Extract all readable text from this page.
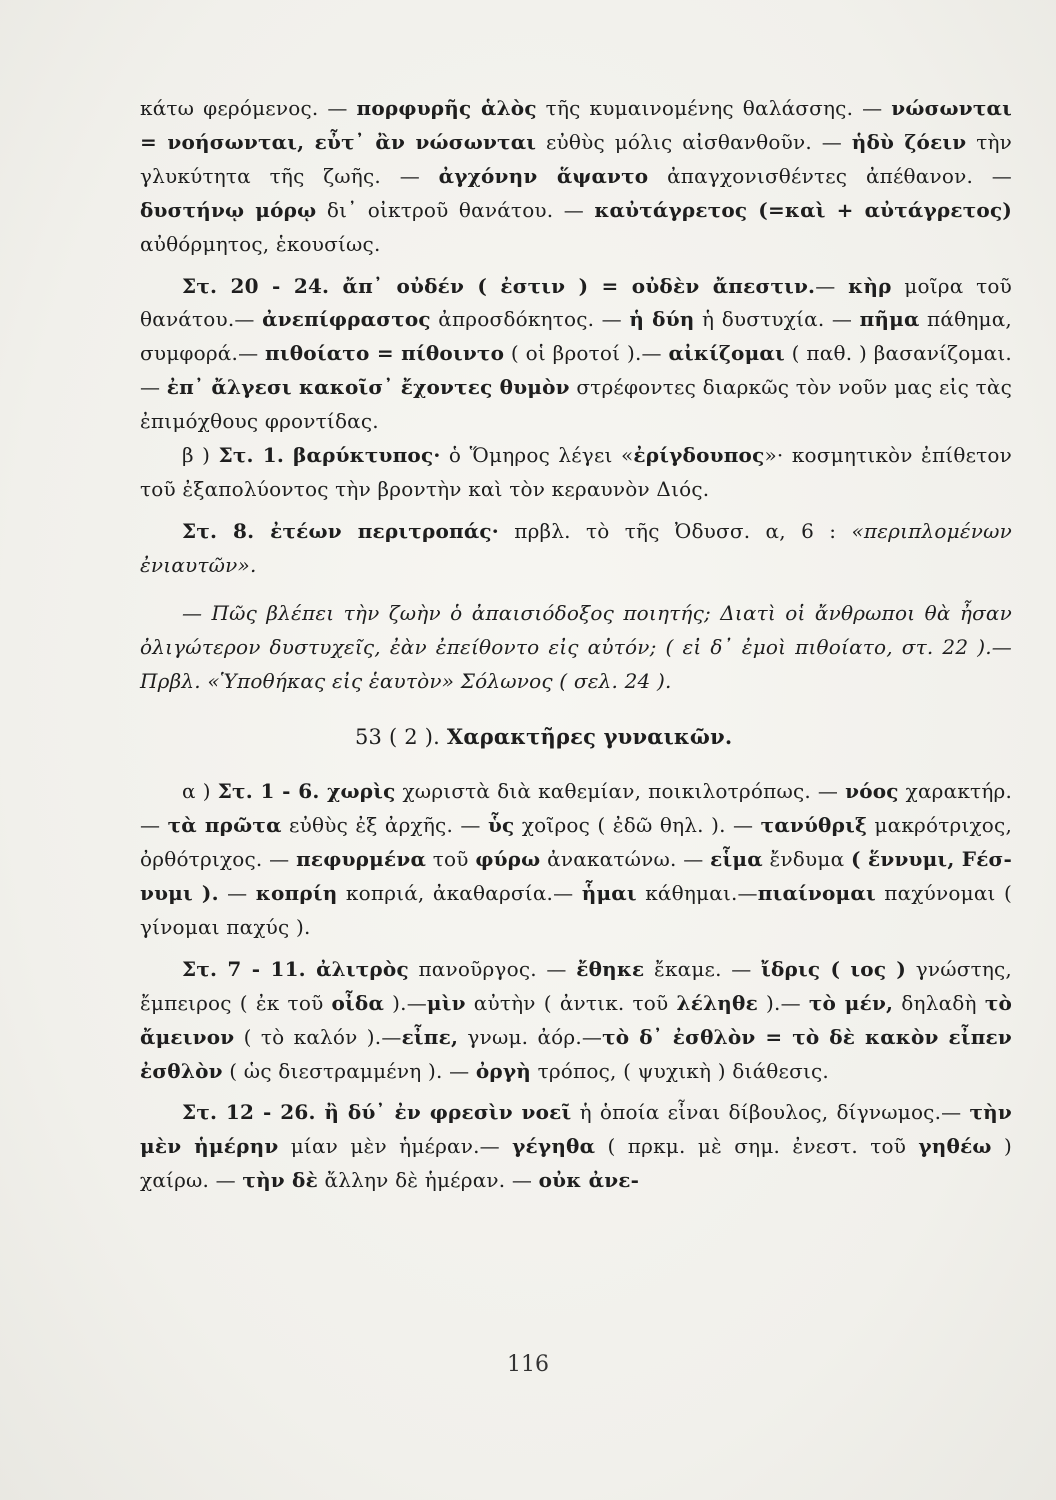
κάτω φερόμενος. — πορφυρῆς ἁλὸς τῆς κυμαινομένης θαλάσσης. — νώσωνται = νοήσωνται, εὖτ᾽ ἂν νώσωνται εὐθὺς μόλις αἰσθανθοῦν. — ἡδὺ ζόειν τὴν γλυκύτητα τῆς ζωῆς. — ἀγχόνην ἅψαντο ἀπαγχονισθέντες ἀπέθανον. — δυστήνῳ μόρῳ δι᾽ οἰκτροῦ θανάτου. — καὐτάγρετος (=καὶ + αὐτάγρετος) αὐθόρμητος, ἑκουσίως.

Στ. 20 - 24. ἄπ᾽ οὐδέν ( ἐστιν ) = οὐδὲν ἄπεστιν.— κὴρ μοῖρα τοῦ θανάτου.— ἀνεπίφραστος ἀπροσδόκητος. — ἡ δύη ἡ δυστυχία. — πῆμα πάθημα, συμφορά.— πιθοίατο = πίθοιντο ( οἱ βροτοί ).— αἰκίζομαι ( παθ. ) βασανίζομαι. — ἐπ᾽ ἄλγεσι κακοῖσ᾽ ἔχοντες θυμὸν στρέφοντες διαρκῶς τὸν νοῦν μας εἰς τὰς ἐπιμόχθους φροντίδας.

β ) Στ. 1. βαρύκτυπος· ὁ Ὅμηρος λέγει «ἐρίγδουπος»· κοσμητικὸν ἐπίθετον τοῦ ἐξαπολύοντος τὴν βροντὴν καὶ τὸν κεραυνὸν Διός.

Στ. 8. ἐτέων περιτροπάς· πρβλ. τὸ τῆς Ὀδυσσ. α, 6 : «περιπλομένων ἐνιαυτῶν».

— Πῶς βλέπει τὴν ζωὴν ὁ ἀπαισιόδοξος ποιητής; Διατὶ οἱ ἄνθρωποι θὰ ἦσαν ὀλιγώτερον δυστυχεῖς, ἐὰν ἐπείθοντο εἰς αὐτόν; ( εἰ δ᾽ ἐμοὶ πιθοίατο, στ. 22 ).— Πρβλ. «Ὑποθήκας εἰς ἑαυτὸν» Σόλωνος ( σελ. 24 ).

53 ( 2 ). Χαρακτῆρες γυναικῶν.

α ) Στ. 1 - 6. χωρὶς χωριστὰ διὰ καθεμίαν, ποικιλοτρόπως. — νόος χαρακτήρ.— τὰ πρῶτα εὐθὺς ἐξ ἀρχῆς. — ὗς χοῖρος ( ἐδῶ θηλ. ). — τανύθριξ μακρότριχος, ὀρθότριχος. — πεφυρμένα τοῦ φύρω ἀνακατώνω. — εἷμα ἔνδυμα ( ἕννυμι, Fέσ-νυμι ). — κοπρίη κοπριά, ἀκαθαρσία.— ἧμαι κάθημαι.—πιαίνομαι παχύνομαι ( γίνομαι παχύς ).

Στ. 7 - 11. ἀλιτρὸς πανοῦργος. — ἔθηκε ἔκαμε. — ἴδρις ( ιος ) γνώστης, ἔμπειρος ( ἐκ τοῦ οἶδα ).—μὶν αὐτὴν ( ἀντικ. τοῦ λέληθε ).— τὸ μέν, δηλαδὴ τὸ ἄμεινον ( τὸ καλόν ).—εἶπε, γνωμ. ἀόρ.—τὸ δ᾽ ἐσθλὸν = τὸ δὲ κακὸν εἶπεν ἐσθλὸν ( ὡς διεστραμμένη ). — ὀργὴ τρόπος, ( ψυχικὴ ) διάθεσις.

Στ. 12 - 26. ἢ δύ᾽ ἐν φρεσὶν νοεῖ ἡ ὁποία εἶναι δίβουλος, δίγνωμος.— τὴν μὲν ἡμέρην μίαν μὲν ἡμέραν.— γέγηθα ( πρκμ. μὲ σημ. ἐνεστ. τοῦ γηθέω ) χαίρω. — τὴν δὲ ἄλλην δὲ ἡμέραν. — οὐκ ἀνε-

116
